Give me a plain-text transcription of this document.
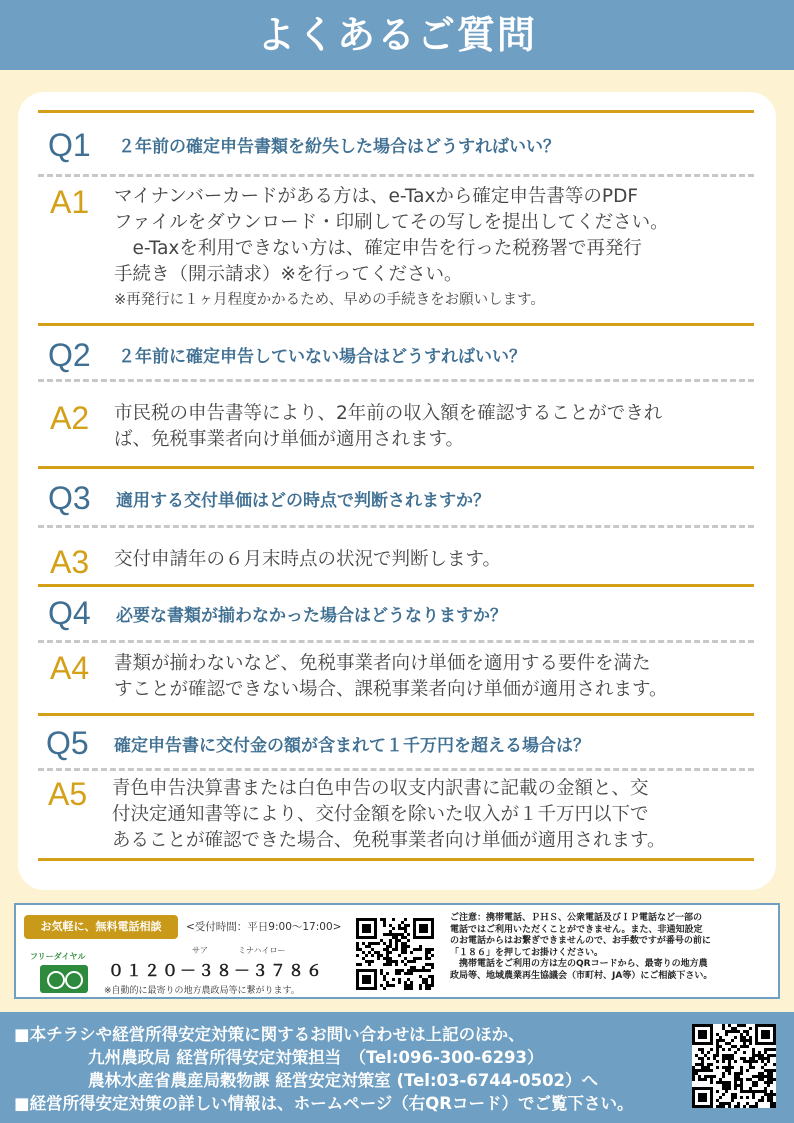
よくあるご質問
Q1 ２年前の確定申告書類を紛失した場合はどうすればいい？
A1 マイナンバーカードがある方は、e-Taxから確定申告書等のPDF

ファイルをダウンロード・印刷してその写しを提出してください。

　e-Taxを利用できない方は、確定申告を行った税務署で再発行

手続き（開示請求）※を行ってください。

※再発行に１ヶ月程度かかるため、早めの手続きをお願いします。

Q2 ２年前に確定申告していない場合はどうすればいい？
A2 市民税の申告書等により、2年前の収入額を確認することができれ

ば、免税事業者向け単価が適用されます。

Q3 適用する交付単価はどの時点で判断されますか？
A3 交付申請年の６月末時点の状況で判断します。

Q4 必要な書類が揃わなかった場合はどうなりますか？
A4 書類が揃わないなど、免税事業者向け単価を適用する要件を満た

すことが確認できない場合、課税事業者向け単価が適用されます。

Q5 確定申告書に交付金の額が含まれて１千万円を超える場合は？
A5 青色申告決算書または白色申告の収支内訳書に記載の金額と、交

付決定通知書等により、交付金額を除いた収入が１千万円以下で

あることが確認できた場合、免税事業者向け単価が適用されます。

お気軽に、無料電話相談	<受付時間：平日9:00～17:00>
フリーダイヤル
サア	ミナハイロー
０１２０－３８－３７８６
※自動的に最寄りの地方農政局等に繋がります。

ご注意：携帯電話、ＰＨＳ、公衆電話及びＩＰ電話など一部の

電話ではご利用いただくことができません。また、非通知設定

のお電話からはお繋ぎできませんので、お手数ですが番号の前に

「１８６」を押してお掛けください。

　携帯電話をご利用の方は左のQRコードから、最寄りの地方農

政局等、地域農業再生協議会（市町村、JA等）にご相談下さい。

■本チラシや経営所得安定対策に関するお問い合わせは上記のほか、
九州農政局 経営所得安定対策担当　（Tel:096-300-6293）
農林水産省農産局穀物課 経営安定対策室 (Tel:03-6744-0502）へ
■経営所得安定対策の詳しい情報は、ホームページ（右QRコード）でご覧下さい。
